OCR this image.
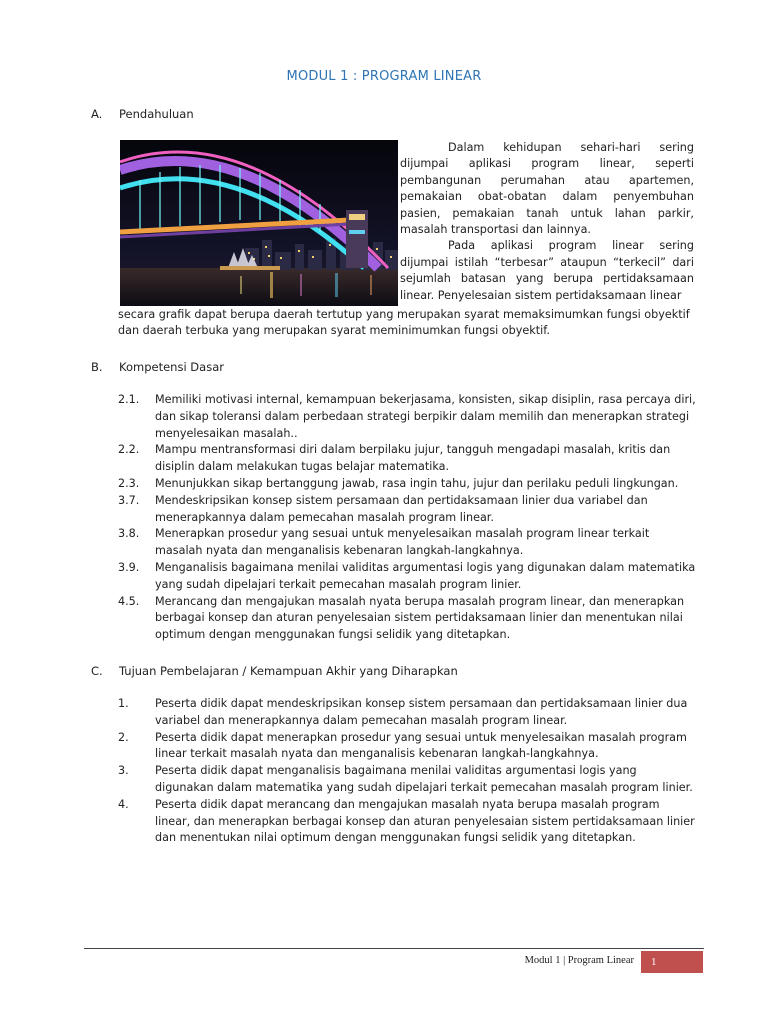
MODUL 1 : PROGRAM LINEAR
A. Pendahuluan

Dalam kehidupan sehari-hari sering dijumpai aplikasi program linear, seperti pembangunan perumahan atau apartemen, pemakaian obat-obatan dalam penyembuhan pasien, pemakaian tanah untuk lahan parkir, masalah transportasi dan lainnya.

Pada aplikasi program linear sering dijumpai istilah “terbesar” ataupun “terkecil” dari sejumlah batasan yang berupa pertidaksamaan linear. Penyelesaian sistem pertidaksamaan linear

secara grafik dapat berupa daerah tertutup yang merupakan syarat memaksimumkan fungsi obyektif
dan daerah terbuka yang merupakan syarat meminimumkan fungsi obyektif.
B. Kompetensi Dasar
2.1. Memiliki motivasi internal, kemampuan bekerjasama, konsisten, sikap disiplin, rasa percaya diri, dan sikap toleransi dalam perbedaan strategi berpikir dalam memilih dan menerapkan strategi menyelesaikan masalah..
2.2. Mampu mentransformasi diri dalam berpilaku jujur, tangguh mengadapi masalah, kritis dan disiplin dalam melakukan tugas belajar matematika.
2.3. Menunjukkan sikap bertanggung jawab, rasa ingin tahu, jujur dan perilaku peduli lingkungan.
3.7. Mendeskripsikan konsep sistem persamaan dan pertidaksamaan linier dua variabel dan menerapkannya dalam pemecahan masalah program linear.
3.8. Menerapkan prosedur yang sesuai untuk menyelesaikan masalah program linear terkait masalah nyata dan menganalisis kebenaran langkah-langkahnya.
3.9. Menganalisis bagaimana menilai validitas argumentasi logis yang digunakan dalam matematika yang sudah dipelajari terkait pemecahan masalah program linier.
4.5. Merancang dan mengajukan masalah nyata berupa masalah program linear, dan menerapkan berbagai konsep dan aturan penyelesaian sistem pertidaksamaan linier dan menentukan nilai optimum dengan menggunakan fungsi selidik yang ditetapkan.
C. Tujuan Pembelajaran / Kemampuan Akhir yang Diharapkan
1. Peserta didik dapat mendeskripsikan konsep sistem persamaan dan pertidaksamaan linier dua variabel dan menerapkannya dalam pemecahan masalah program linear.
2. Peserta didik dapat menerapkan prosedur yang sesuai untuk menyelesaikan masalah program linear terkait masalah nyata dan menganalisis kebenaran langkah-langkahnya.
3. Peserta didik dapat menganalisis bagaimana menilai validitas argumentasi logis yang digunakan dalam matematika yang sudah dipelajari terkait pemecahan masalah program linier.
4. Peserta didik dapat merancang dan mengajukan masalah nyata berupa masalah program linear, dan menerapkan berbagai konsep dan aturan penyelesaian sistem pertidaksamaan linier dan menentukan nilai optimum dengan menggunakan fungsi selidik yang ditetapkan.
Modul 1 | Program Linear	1
